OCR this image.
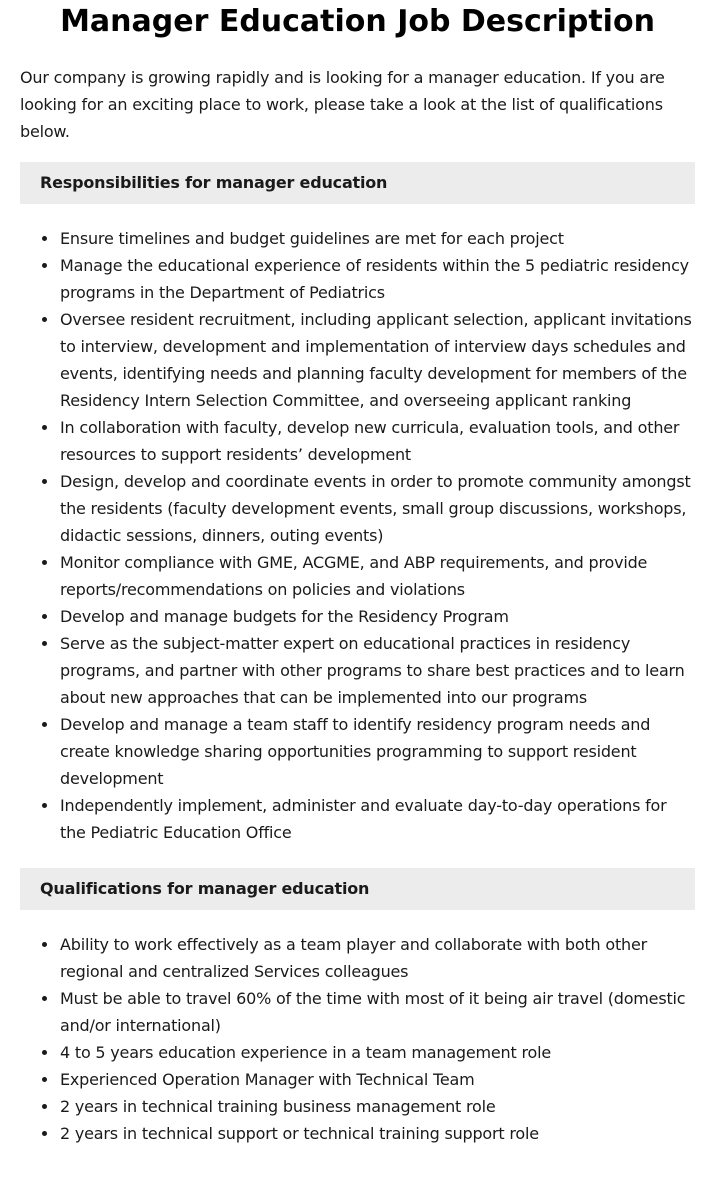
Manager Education Job Description

Our company is growing rapidly and is looking for a manager education. If you are looking for an exciting place to work, please take a look at the list of qualifications below.

Responsibilities for manager education
Ensure timelines and budget guidelines are met for each project
Manage the educational experience of residents within the 5 pediatric residency programs in the Department of Pediatrics
Oversee resident recruitment, including applicant selection, applicant invitations to interview, development and implementation of interview days schedules and events, identifying needs and planning faculty development for members of the Residency Intern Selection Committee, and overseeing applicant ranking
In collaboration with faculty, develop new curricula, evaluation tools, and other resources to support residents’ development
Design, develop and coordinate events in order to promote community amongst the residents (faculty development events, small group discussions, workshops, didactic sessions, dinners, outing events)
Monitor compliance with GME, ACGME, and ABP requirements, and provide reports/recommendations on policies and violations
Develop and manage budgets for the Residency Program
Serve as the subject-matter expert on educational practices in residency programs, and partner with other programs to share best practices and to learn about new approaches that can be implemented into our programs
Develop and manage a team staff to identify residency program needs and create knowledge sharing opportunities programming to support resident development
Independently implement, administer and evaluate day-to-day operations for the Pediatric Education Office
Qualifications for manager education
Ability to work effectively as a team player and collaborate with both other regional and centralized Services colleagues
Must be able to travel 60% of the time with most of it being air travel (domestic and/or international)
4 to 5 years education experience in a team management role
Experienced Operation Manager with Technical Team
2 years in technical training business management role
2 years in technical support or technical training support role
